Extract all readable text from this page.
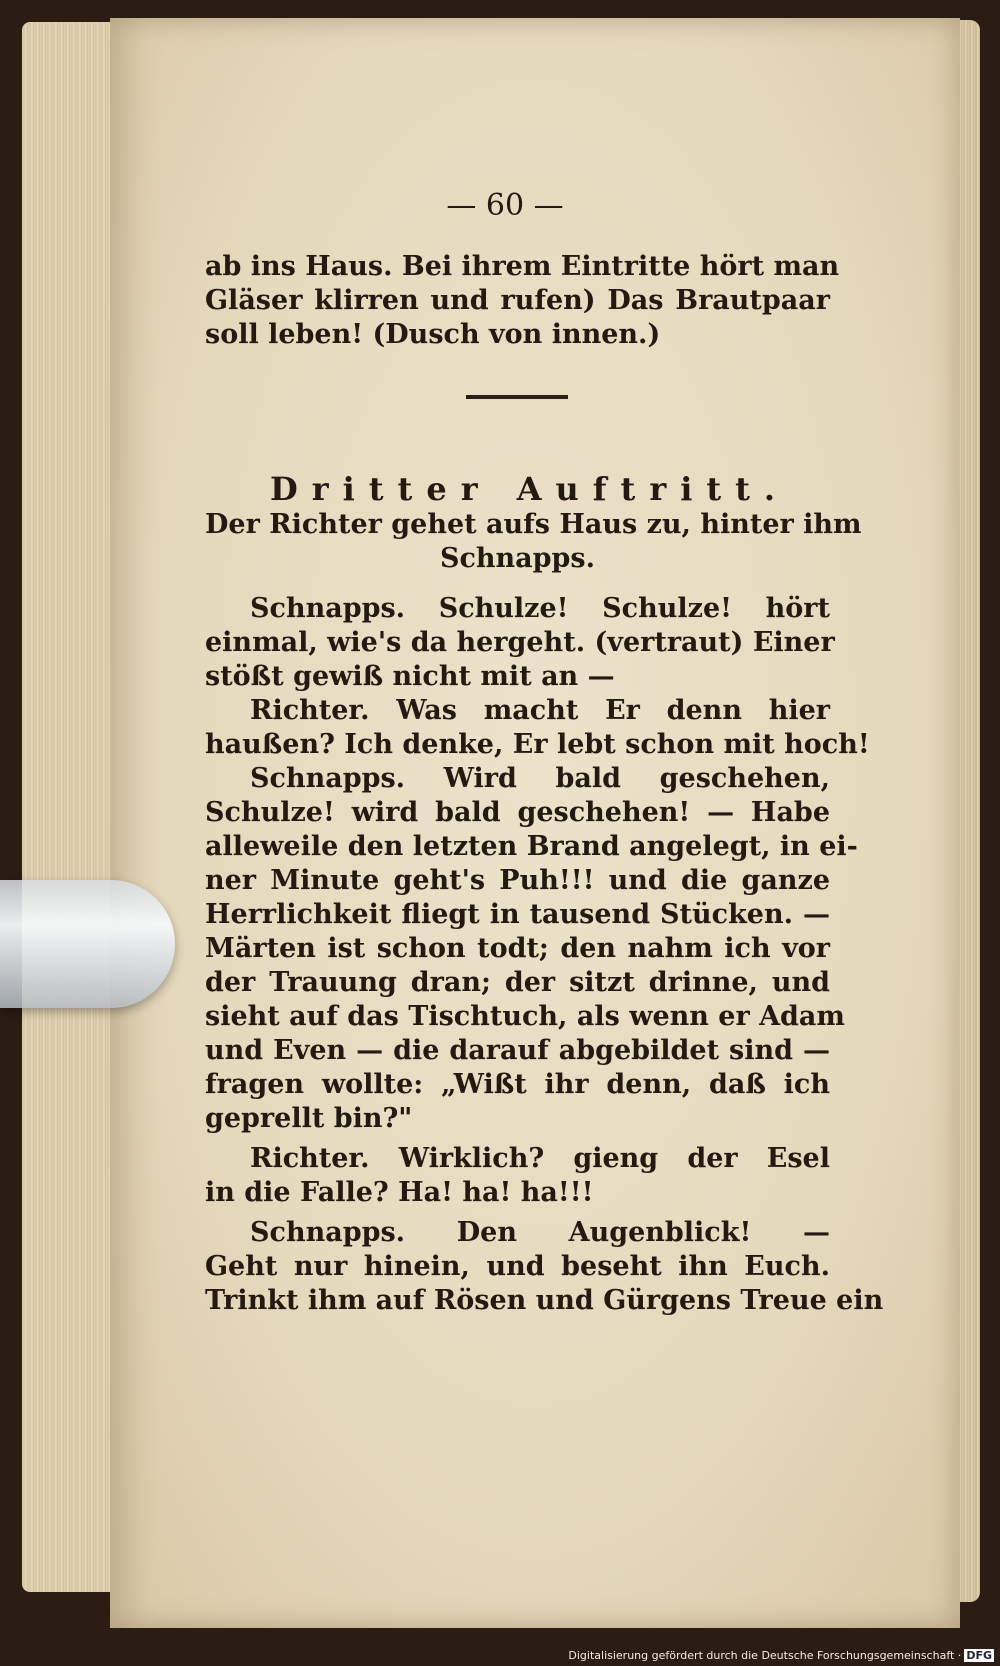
— 60 —
ab ins Haus. Bei ihrem Eintritte hört man
Gläser klirren und rufen) Das Brautpaar
soll leben! (Dusch von innen.)
Dritter Auftritt.
Der Richter gehet aufs Haus zu, hinter ihm
Schnapps.
Schnapps. Schulze! Schulze! hört
einmal, wie's da hergeht. (vertraut) Einer
stößt gewiß nicht mit an —
Richter. Was macht Er denn hier
haußen? Ich denke, Er lebt schon mit hoch!
Schnapps. Wird bald geschehen,
Schulze! wird bald geschehen! — Habe
alleweile den letzten Brand angelegt, in ei-
ner Minute geht's Puh!!! und die ganze
Herrlichkeit fliegt in tausend Stücken. —
Märten ist schon todt; den nahm ich vor
der Trauung dran; der sitzt drinne, und
sieht auf das Tischtuch, als wenn er Adam
und Even — die darauf abgebildet sind —
fragen wollte: „Wißt ihr denn, daß ich
geprellt bin?"
Richter. Wirklich? gieng der Esel
in die Falle? Ha! ha! ha!!!
Schnapps. Den Augenblick! —
Geht nur hinein, und beseht ihn Euch.
Trinkt ihm auf Rösen und Gürgens Treue ein
Digitalisierung gefördert durch die Deutsche Forschungsgemeinschaft · DFG
